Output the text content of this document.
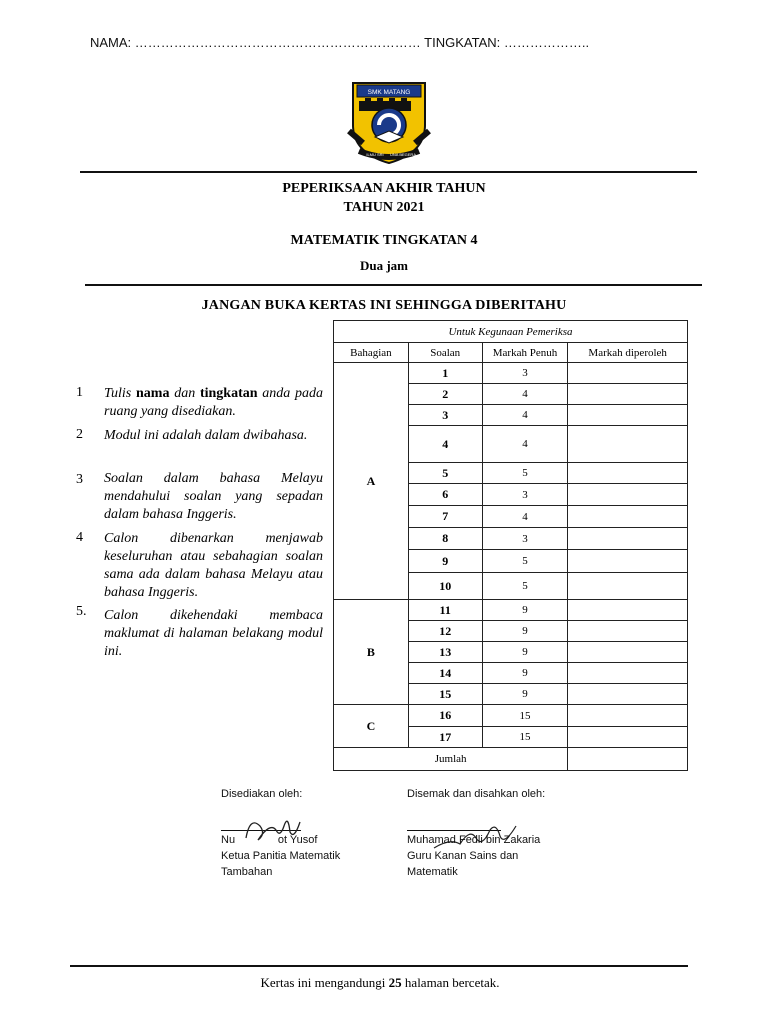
NAMA: ………………………………………………………… TINGKATAN: ………………..
SMK MATANG
ILMU SRI UNA BEGERA
PEPERIKSAAN AKHIR TAHUN
TAHUN 2021
MATEMATIK TINGKATAN 4
Dua jam
JANGAN BUKA KERTAS INI SEHINGGA DIBERITAHU
1 Tulis nama dan tingkatan anda pada ruang yang disediakan.
2 Modul ini adalah dalam dwibahasa.
3 Soalan dalam bahasa Melayu mendahului soalan yang sepadan dalam bahasa Inggeris.
4 Calon dibenarkan menjawab keseluruhan atau sebahagian soalan sama ada dalam bahasa Melayu atau bahasa Inggeris.
5. Calon dikehendaki membaca maklumat di halaman belakang modul ini.
Untuk Kegunaan Pemeriksa			
Bahagian	Soalan	Markah Penuh	Markah diperoleh
A	1	3	
	2	4	
	3	4	
	4	4	
	5	5	
	6	3	
	7	4	
	8	3	
	9	5	
	10	5	
B	11	9	
	12	9	
	13	9	
	14	9	
	15	9	
C	16	15	
	17	15	
Jumlah			
Disediakan oleh:
Nu              ot Yusof
Ketua Panitia Matematik
Tambahan
Disemak dan disahkan oleh:
Muhamad Fedli bin Zakaria
Guru Kanan Sains dan
Matematik
Kertas ini mengandungi 25 halaman bercetak.
